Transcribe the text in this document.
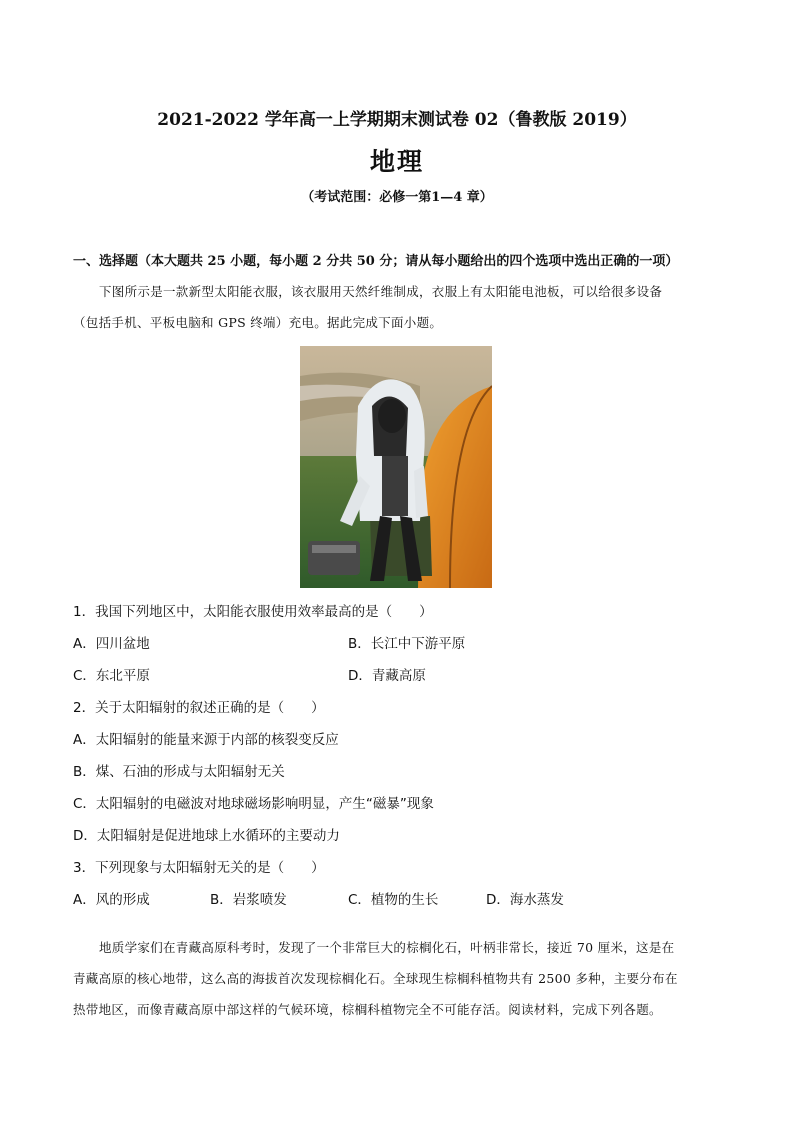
2021-2022 学年高一上学期期末测试卷 02（鲁教版 2019）
地理
（考试范围：必修一第1—4 章）
一、选择题（本大题共 25 小题，每小题 2 分共 50 分；请从每小题给出的四个选项中选出正确的一项）
下图所示是一款新型太阳能衣服，该衣服用天然纤维制成，衣服上有太阳能电池板，可以给很多设备
（包括手机、平板电脑和 GPS 终端）充电。据此完成下面小题。
1．我国下列地区中，太阳能衣服使用效率最高的是（　　）
A．四川盆地	B．长江中下游平原
C．东北平原	D．青藏高原
2．关于太阳辐射的叙述正确的是（　　）
A．太阳辐射的能量来源于内部的核裂变反应
B．煤、石油的形成与太阳辐射无关
C．太阳辐射的电磁波对地球磁场影响明显，产生“磁暴”现象
D．太阳辐射是促进地球上水循环的主要动力
3．下列现象与太阳辐射无关的是（　　）
A．风的形成	B．岩浆喷发	C．植物的生长	D．海水蒸发
地质学家们在青藏高原科考时，发现了一个非常巨大的棕榈化石，叶柄非常长，接近 70 厘米，这是在
青藏高原的核心地带，这么高的海拔首次发现棕榈化石。全球现生棕榈科植物共有 2500 多种，主要分布在
热带地区，而像青藏高原中部这样的气候环境，棕榈科植物完全不可能存活。阅读材料，完成下列各题。
